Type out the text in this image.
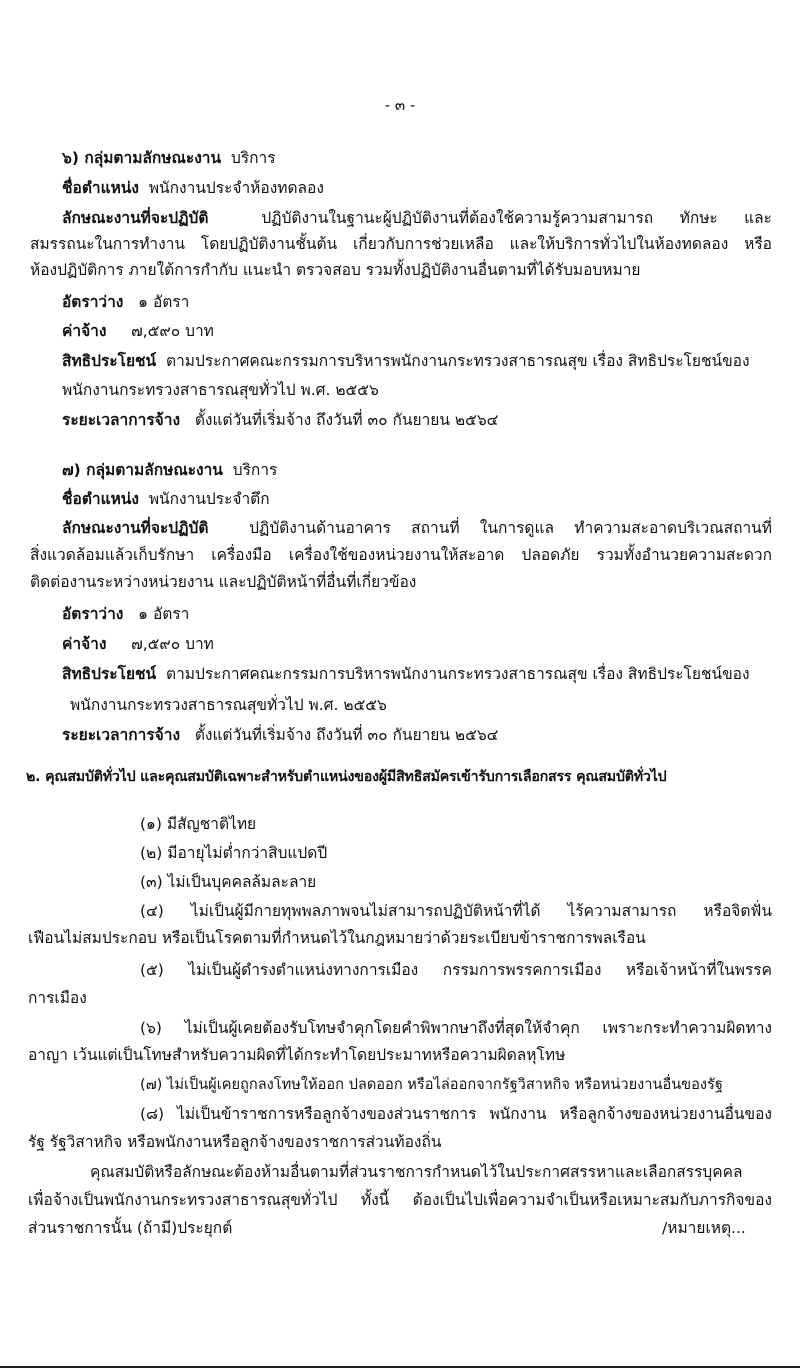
- ๓ -
๖) กลุ่มตามลักษณะงาน บริการ
ชื่อตำแหน่ง พนักงานประจำห้องทดลอง
ลักษณะงานที่จะปฏิบัติ	ปฏิบัติงานในฐานะผู้ปฏิบัติงานที่ต้องใช้ความรู้ความสามารถ ทักษะ และ
สมรรถนะในการทำงาน โดยปฏิบัติงานชั้นต้น เกี่ยวกับการช่วยเหลือ และให้บริการทั่วไปในห้องทดลอง หรือ
ห้องปฏิบัติการ ภายใต้การกำกับ แนะนำ ตรวจสอบ รวมทั้งปฏิบัติงานอื่นตามที่ได้รับมอบหมาย
อัตราว่าง ๑ อัตรา
ค่าจ้าง ๗,๕๙๐ บาท
สิทธิประโยชน์ ตามประกาศคณะกรรมการบริหารพนักงานกระทรวงสาธารณสุข เรื่อง สิทธิประโยชน์ของ
พนักงานกระทรวงสาธารณสุขทั่วไป พ.ศ. ๒๕๕๖
ระยะเวลาการจ้าง ตั้งแต่วันที่เริ่มจ้าง ถึงวันที่ ๓๐ กันยายน ๒๕๖๔
๗) กลุ่มตามลักษณะงาน บริการ
ชื่อตำแหน่ง พนักงานประจำตึก
ลักษณะงานที่จะปฏิบัติ	ปฏิบัติงานด้านอาคาร สถานที่ ในการดูแล ทำความสะอาดบริเวณสถานที่
สิ่งแวดล้อมแล้วเก็บรักษา เครื่องมือ เครื่องใช้ของหน่วยงานให้สะอาด ปลอดภัย รวมทั้งอำนวยความสะดวก
ติดต่องานระหว่างหน่วยงาน และปฏิบัติหน้าที่อื่นที่เกี่ยวข้อง
อัตราว่าง ๑ อัตรา
ค่าจ้าง ๗,๕๙๐ บาท
สิทธิประโยชน์ ตามประกาศคณะกรรมการบริหารพนักงานกระทรวงสาธารณสุข เรื่อง สิทธิประโยชน์ของ
พนักงานกระทรวงสาธารณสุขทั่วไป พ.ศ. ๒๕๕๖
ระยะเวลาการจ้าง ตั้งแต่วันที่เริ่มจ้าง ถึงวันที่ ๓๐ กันยายน ๒๕๖๔
๒. คุณสมบัติทั่วไป และคุณสมบัติเฉพาะสำหรับตำแหน่งของผู้มีสิทธิสมัครเข้ารับการเลือกสรร คุณสมบัติทั่วไป
(๑) มีสัญชาติไทย
(๒) มีอายุไม่ต่ำกว่าสิบแปดปี
(๓) ไม่เป็นบุคคลล้มละลาย
(๔) ไม่เป็นผู้มีกายทุพพลภาพจนไม่สามารถปฏิบัติหน้าที่ได้ ไร้ความสามารถ หรือจิตฟั่น
เฟือนไม่สมประกอบ หรือเป็นโรคตามที่กำหนดไว้ในกฎหมายว่าด้วยระเบียบข้าราชการพลเรือน
(๕) ไม่เป็นผู้ดำรงตำแหน่งทางการเมือง กรรมการพรรคการเมือง หรือเจ้าหน้าที่ในพรรค
การเมือง
(๖) ไม่เป็นผู้เคยต้องรับโทษจำคุกโดยคำพิพากษาถึงที่สุดให้จำคุก เพราะกระทำความผิดทาง
อาญา เว้นแต่เป็นโทษสำหรับความผิดที่ได้กระทำโดยประมาทหรือความผิดลหุโทษ
(๗) ไม่เป็นผู้เคยถูกลงโทษให้ออก ปลดออก หรือไล่ออกจากรัฐวิสาหกิจ หรือหน่วยงานอื่นของรัฐ
(๘) ไม่เป็นข้าราชการหรือลูกจ้างของส่วนราชการ พนักงาน หรือลูกจ้างของหน่วยงานอื่นของ
รัฐ รัฐวิสาหกิจ หรือพนักงานหรือลูกจ้างของราชการส่วนท้องถิ่น
คุณสมบัติหรือลักษณะต้องห้ามอื่นตามที่ส่วนราชการกำหนดไว้ในประกาศสรรหาและเลือกสรรบุคคล
เพื่อจ้างเป็นพนักงานกระทรวงสาธารณสุขทั่วไป ทั้งนี้ ต้องเป็นไปเพื่อความจำเป็นหรือเหมาะสมกับภารกิจของ
ส่วนราชการนั้น (ถ้ามี)ประยุกต์	/หมายเหตุ...
